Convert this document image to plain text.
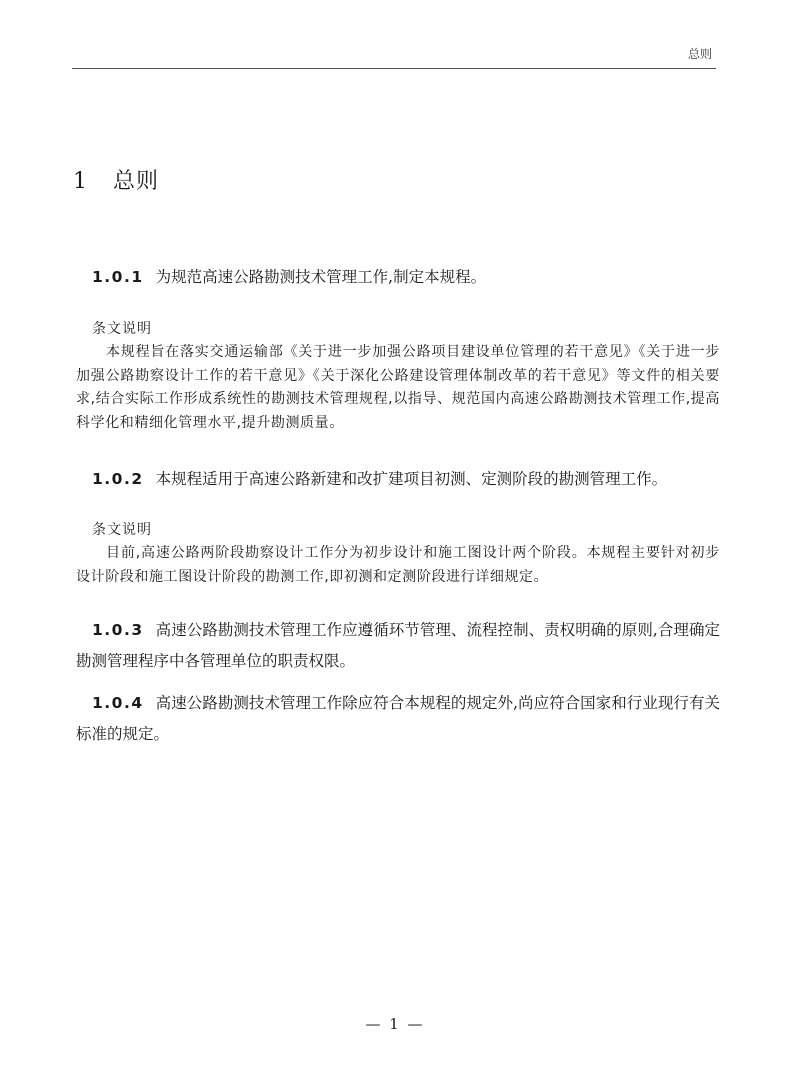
总则
1 总则

1.0.1 为规范高速公路勘测技术管理工作,制定本规程。

条文说明

本规程旨在落实交通运输部《关于进一步加强公路项目建设单位管理的若干意见》《关于进一步加强公路勘察设计工作的若干意见》《关于深化公路建设管理体制改革的若干意见》等文件的相关要求,结合实际工作形成系统性的勘测技术管理规程,以指导、规范国内高速公路勘测技术管理工作,提高科学化和精细化管理水平,提升勘测质量。

1.0.2 本规程适用于高速公路新建和改扩建项目初测、定测阶段的勘测管理工作。

条文说明

目前,高速公路两阶段勘察设计工作分为初步设计和施工图设计两个阶段。本规程主要针对初步设计阶段和施工图设计阶段的勘测工作,即初测和定测阶段进行详细规定。

1.0.3 高速公路勘测技术管理工作应遵循环节管理、流程控制、责权明确的原则,合理确定勘测管理程序中各管理单位的职责权限。

1.0.4 高速公路勘测技术管理工作除应符合本规程的规定外,尚应符合国家和行业现行有关标准的规定。

— 1 —
